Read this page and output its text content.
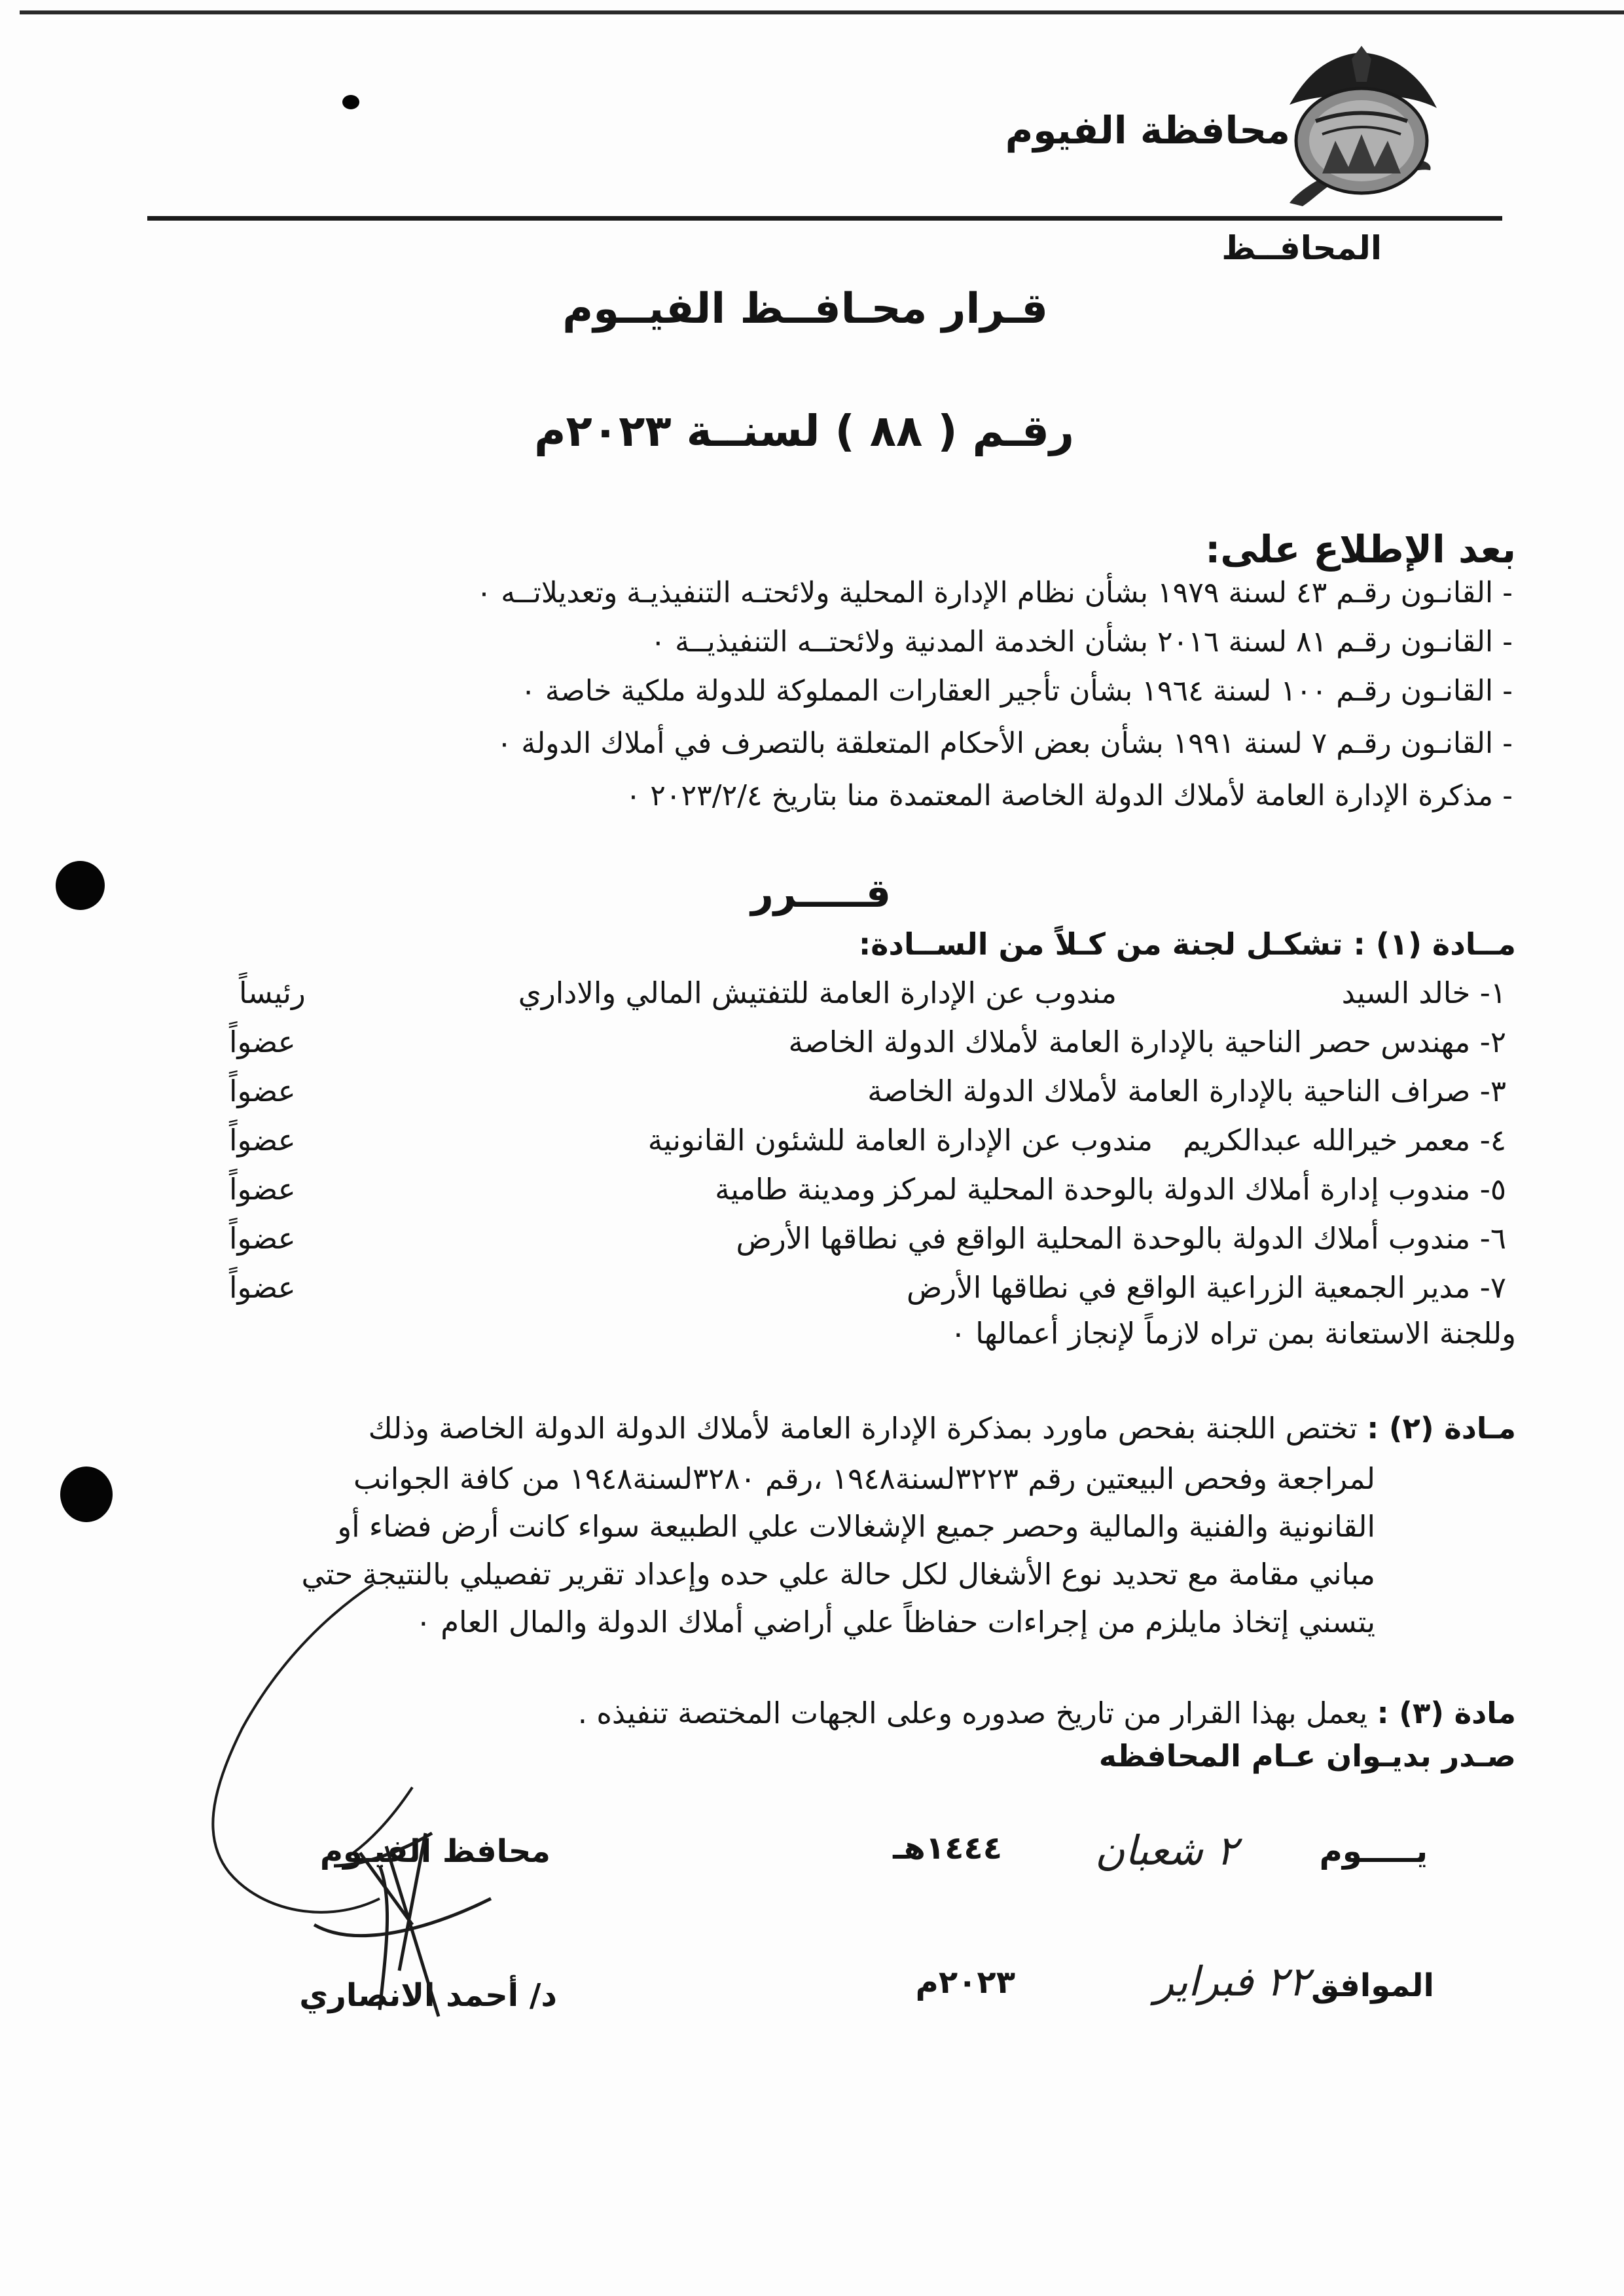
محافظة الفيوم
المحافــظ
قـرار محـافــظ الفيــوم
رقـم ( ٨٨ ) لسنــة ٢٠٢٣م
بعد الإطلاع على:
- القانـون رقـم ٤٣ لسنة ١٩٧٩ بشأن نظام الإدارة المحلية ولائحتـه التنفيذيـة وتعديلاتــه ٠
- القانـون رقـم ٨١ لسنة ٢٠١٦ بشأن الخدمة المدنية ولائحتــه التنفيذيــة ٠
- القانـون رقـم ١٠٠ لسنة ١٩٦٤ بشأن تأجير العقارات المملوكة للدولة ملكية خاصة ٠
- القانـون رقـم ٧ لسنة ١٩٩١ بشأن بعض الأحكام المتعلقة بالتصرف في أملاك الدولة ٠
- مذكرة الإدارة العامة لأملاك الدولة الخاصة المعتمدة منا بتاريخ ٢٠٢٣/٢/٤ ٠
قـــــرر
مــادة (١) : تشكـل لجنة من كـلاً من الســادة:
١- خالد السيد
مندوب عن الإدارة العامة للتفتيش المالي والاداري
رئيساً
٢- مهندس حصر الناحية بالإدارة العامة لأملاك الدولة الخاصة
عضواً
٣- صراف الناحية بالإدارة العامة لأملاك الدولة الخاصة
عضواً
٤- معمر خيرالله عبدالكريم
مندوب عن الإدارة العامة للشئون القانونية
عضواً
٥- مندوب إدارة أملاك الدولة بالوحدة المحلية لمركز ومدينة طامية
عضواً
٦- مندوب أملاك الدولة بالوحدة المحلية الواقع في نطاقها الأرض
عضواً
٧- مدير الجمعية الزراعية الواقع في نطاقها الأرض
عضواً
وللجنة الاستعانة بمن تراه لازماً لإنجاز أعمالها ٠
مـادة (٢) : تختص اللجنة بفحص ماورد بمذكرة الإدارة العامة لأملاك الدولة الدولة الخاصة وذلك
لمراجعة وفحص البيعتين رقم ٣٢٢٣لسنة١٩٤٨ ،رقم ٣٢٨٠لسنة١٩٤٨ من كافة الجوانب
القانونية والفنية والمالية وحصر جميع الإشغالات علي الطبيعة سواء كانت أرض فضاء أو
مباني مقامة مع تحديد نوع الأشغال لكل حالة علي حده وإعداد تقرير تفصيلي بالنتيجة حتي
يتسني إتخاذ مايلزم من إجراءات حفاظاً علي أراضي أملاك الدولة والمال العام ٠
مادة (٣) : يعمل بهذا القرار من تاريخ صدوره وعلى الجهات المختصة تنفيذه .
صـدر بديـوان عـام المحافظه
يـــــوم
٢ شعبان
١٤٤٤هـ
الموافق
٢٢ فبراير
٢٠٢٣م
محافظ الفيـوم
د/ أحمد الانصاري
